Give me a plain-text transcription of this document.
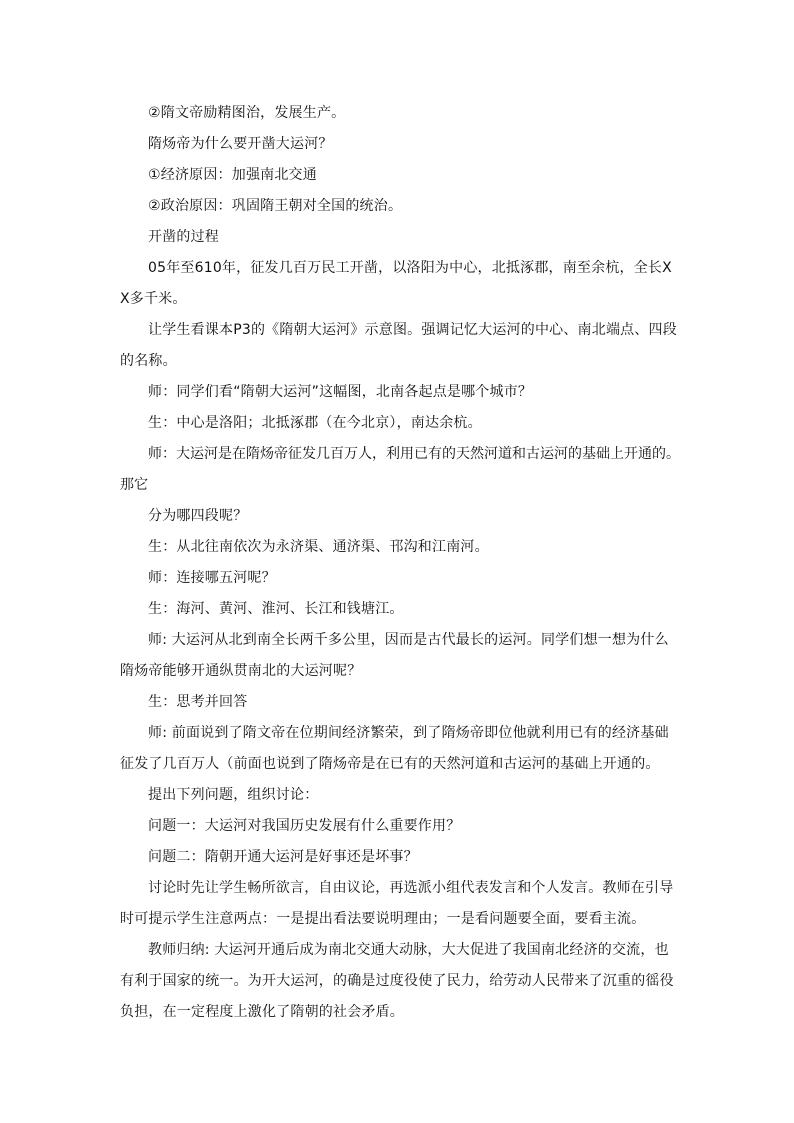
②隋文帝励精图治，发展生产。

隋炀帝为什么要开凿大运河？

①经济原因：加强南北交通

②政治原因：巩固隋王朝对全国的统治。

开凿的过程

05年至610年，征发几百万民工开凿，以洛阳为中心，北抵涿郡，南至余杭，全长XX多千米。

让学生看课本P3的《隋朝大运河》示意图。强调记忆大运河的中心、南北端点、四段的名称。

师：同学们看“隋朝大运河”这幅图，北南各起点是哪个城市？

生：中心是洛阳；北抵涿郡（在今北京），南达余杭。

师：大运河是在隋炀帝征发几百万人，利用已有的天然河道和古运河的基础上开通的。那它

分为哪四段呢？

生：从北往南依次为永济渠、通济渠、邗沟和江南河。

师：连接哪五河呢？

生：海河、黄河、淮河、长江和钱塘江。

师: 大运河从北到南全长两千多公里，因而是古代最长的运河。同学们想一想为什么隋炀帝能够开通纵贯南北的大运河呢？

生：思考并回答

师: 前面说到了隋文帝在位期间经济繁荣，到了隋炀帝即位他就利用已有的经济基础征发了几百万人（前面也说到了隋炀帝是在已有的天然河道和古运河的基础上开通的。

提出下列问题，组织讨论：

问题一：大运河对我国历史发展有什么重要作用？

问题二：隋朝开通大运河是好事还是坏事？

讨论时先让学生畅所欲言，自由议论，再选派小组代表发言和个人发言。教师在引导时可提示学生注意两点：一是提出看法要说明理由；一是看问题要全面，要看主流。

教师归纳: 大运河开通后成为南北交通大动脉，大大促进了我国南北经济的交流，也有利于国家的统一。为开大运河，的确是过度役使了民力，给劳动人民带来了沉重的徭役负担，在一定程度上激化了隋朝的社会矛盾。
